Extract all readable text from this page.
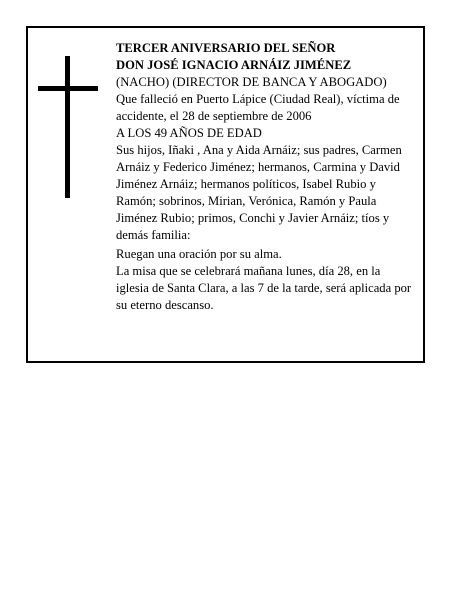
TERCER ANIVERSARIO DEL SEÑOR

DON JOSÉ IGNACIO ARNÁIZ JIMÉNEZ

(NACHO) (DIRECTOR DE BANCA Y ABOGADO)

Que falleció en Puerto Lápice (Ciudad Real), víctima de accidente, el 28 de septiembre de 2006

A LOS 49 AÑOS DE EDAD

Sus hijos, Iñaki , Ana y Aida Arnáiz; sus padres, Carmen Arnáiz y Federico Jiménez; hermanos, Carmina y David Jiménez Arnáiz; hermanos políticos, Isabel Rubio y Ramón; sobrinos, Mirian, Verónica, Ramón y Paula Jiménez Rubio; primos, Conchi y Javier Arnáiz; tíos y demás familia:

Ruegan una oración por su alma.

La misa que se celebrará mañana lunes, día 28, en la iglesia de Santa Clara, a las 7 de la tarde, será aplicada por su eterno descanso.
